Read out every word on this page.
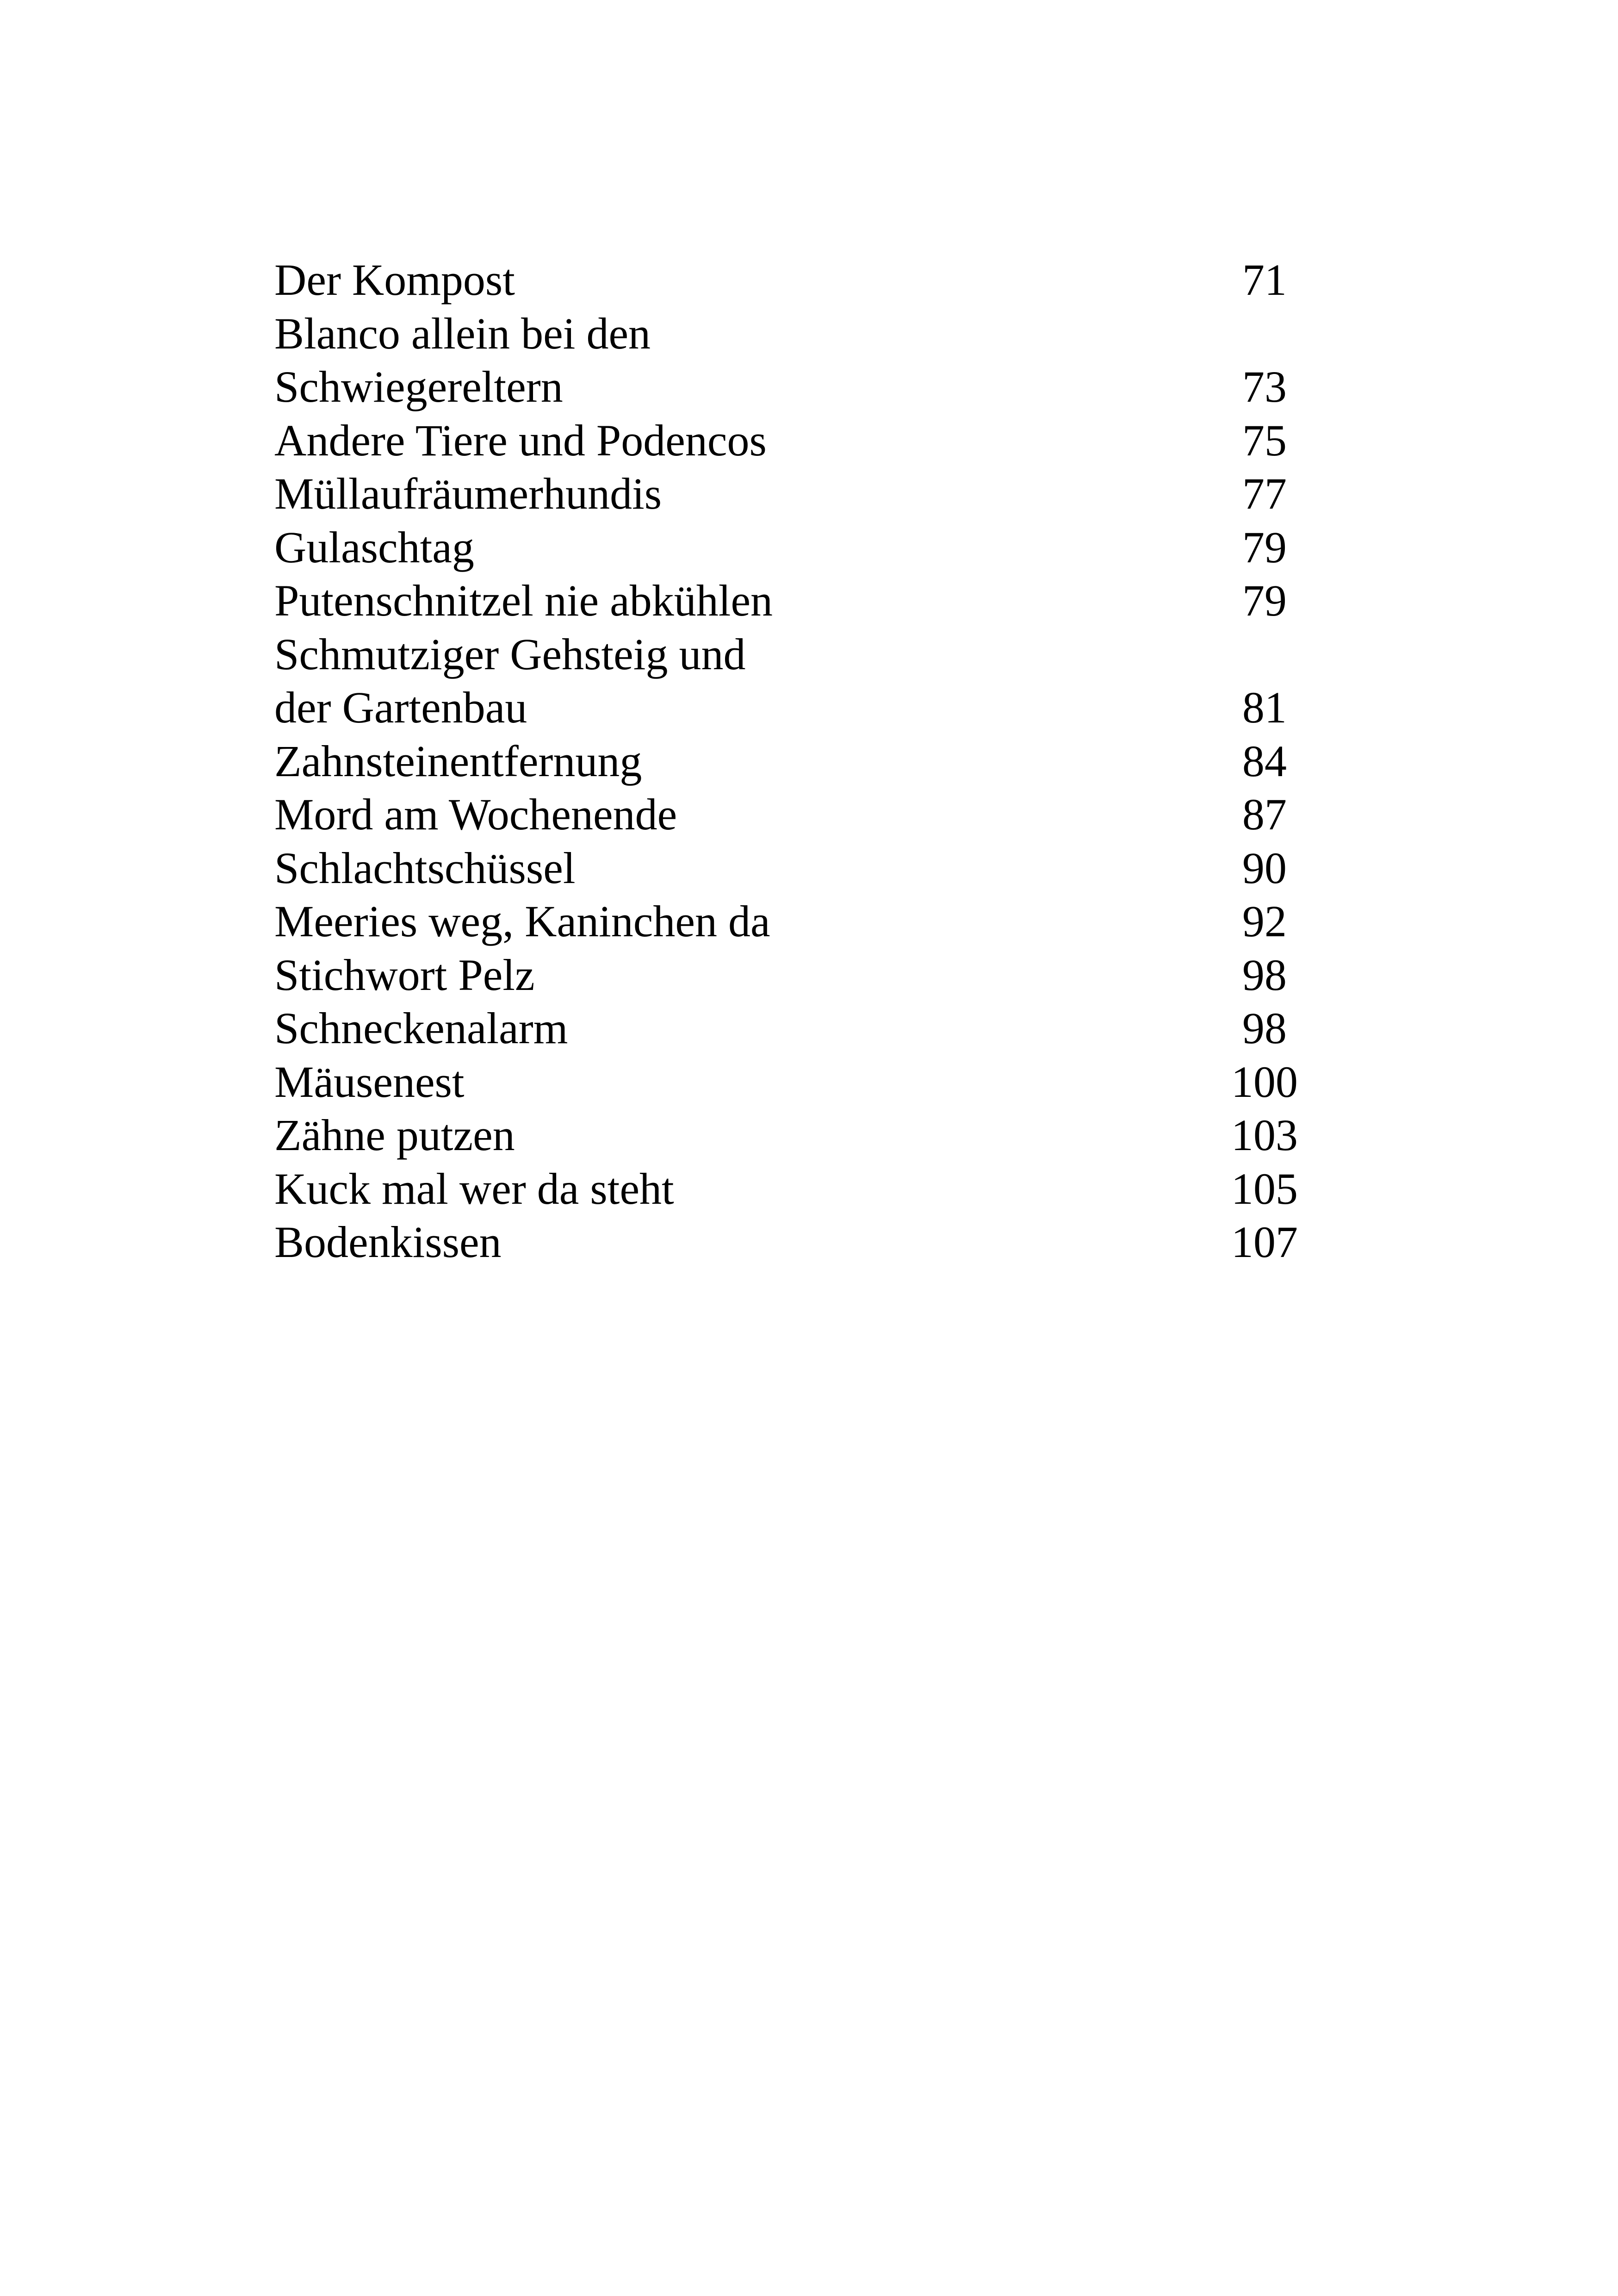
Der Kompost	71
Blanco allein bei den
Schwiegereltern	73
Andere Tiere und Podencos	75
Müllaufräumerhundis	77
Gulaschtag	79
Putenschnitzel nie abkühlen	79
Schmutziger Gehsteig und
der Gartenbau	81
Zahnsteinentfernung	84
Mord am Wochenende	87
Schlachtschüssel	90
Meeries weg, Kaninchen da	92
Stichwort Pelz	98
Schneckenalarm	98
Mäusenest	100
Zähne putzen	103
Kuck mal wer da steht	105
Bodenkissen	107
